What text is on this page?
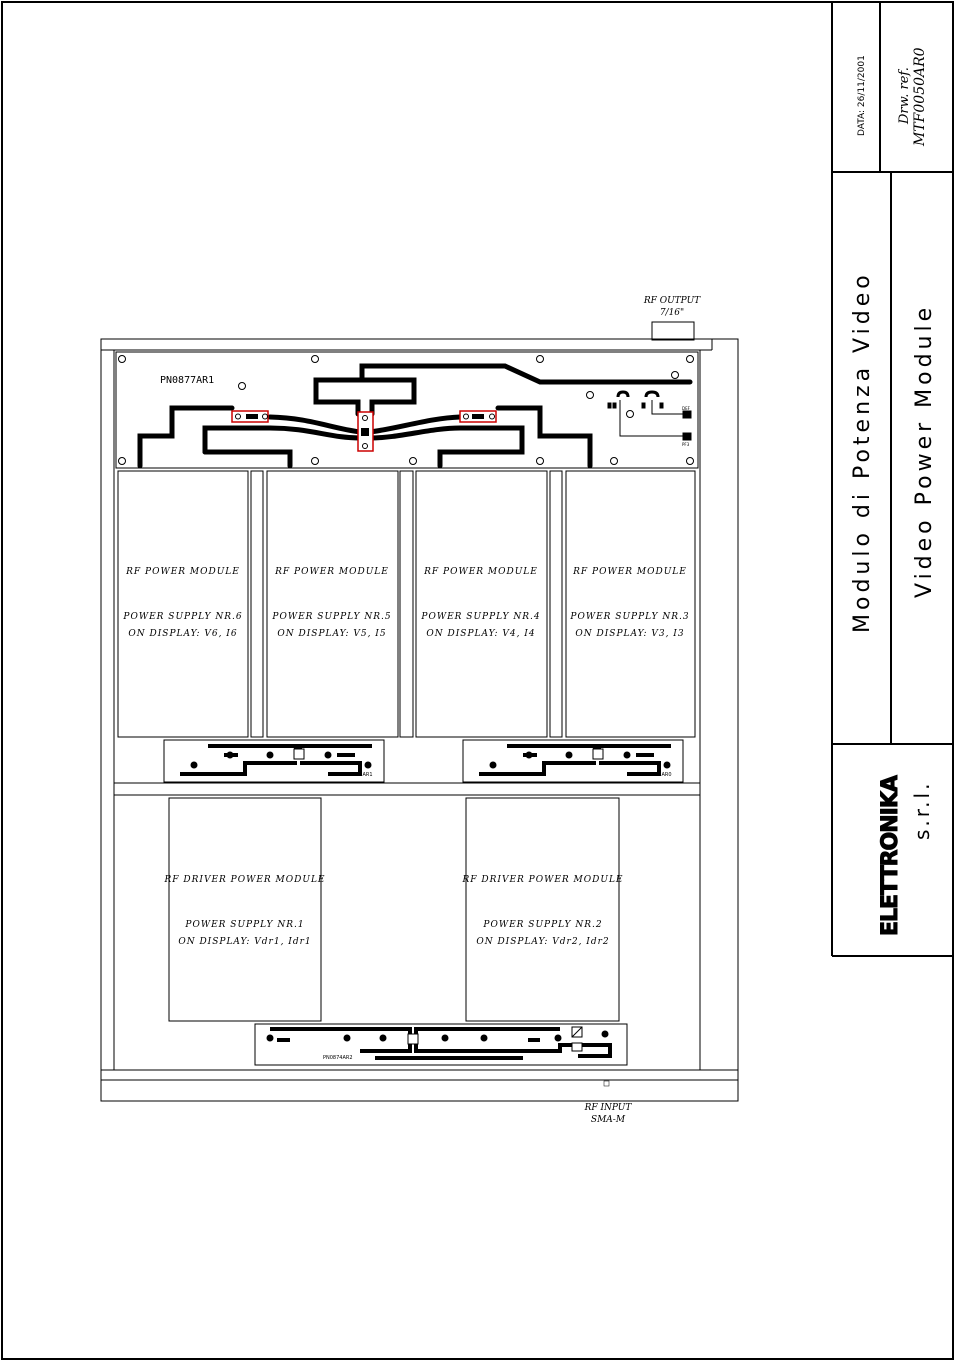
DATA: 26/11/2001 Drw. ref. MTF0050AR0
Modulo di Potenza Video Video Power Module
ELETTRONIKA s.r.l.
RF OUTPUT
7/16"
PN0877AR1
DEF
PF3
RF POWER MODULE
POWER SUPPLY NR.6
ON DISPLAY: V6, I6
RF POWER MODULE
POWER SUPPLY NR.5
ON DISPLAY: V5, I5
RF POWER MODULE
POWER SUPPLY NR.4
ON DISPLAY: V4, I4
RF POWER MODULE
POWER SUPPLY NR.3
ON DISPLAY: V3, I3
PN0873AR1	PN0873AR0
RF DRIVER POWER MODULE
POWER SUPPLY NR.1
ON DISPLAY: Vdr1, Idr1
RF DRIVER POWER MODULE
POWER SUPPLY NR.2
ON DISPLAY: Vdr2, Idr2
PN0874AR2
RF INPUT
SMA-M
